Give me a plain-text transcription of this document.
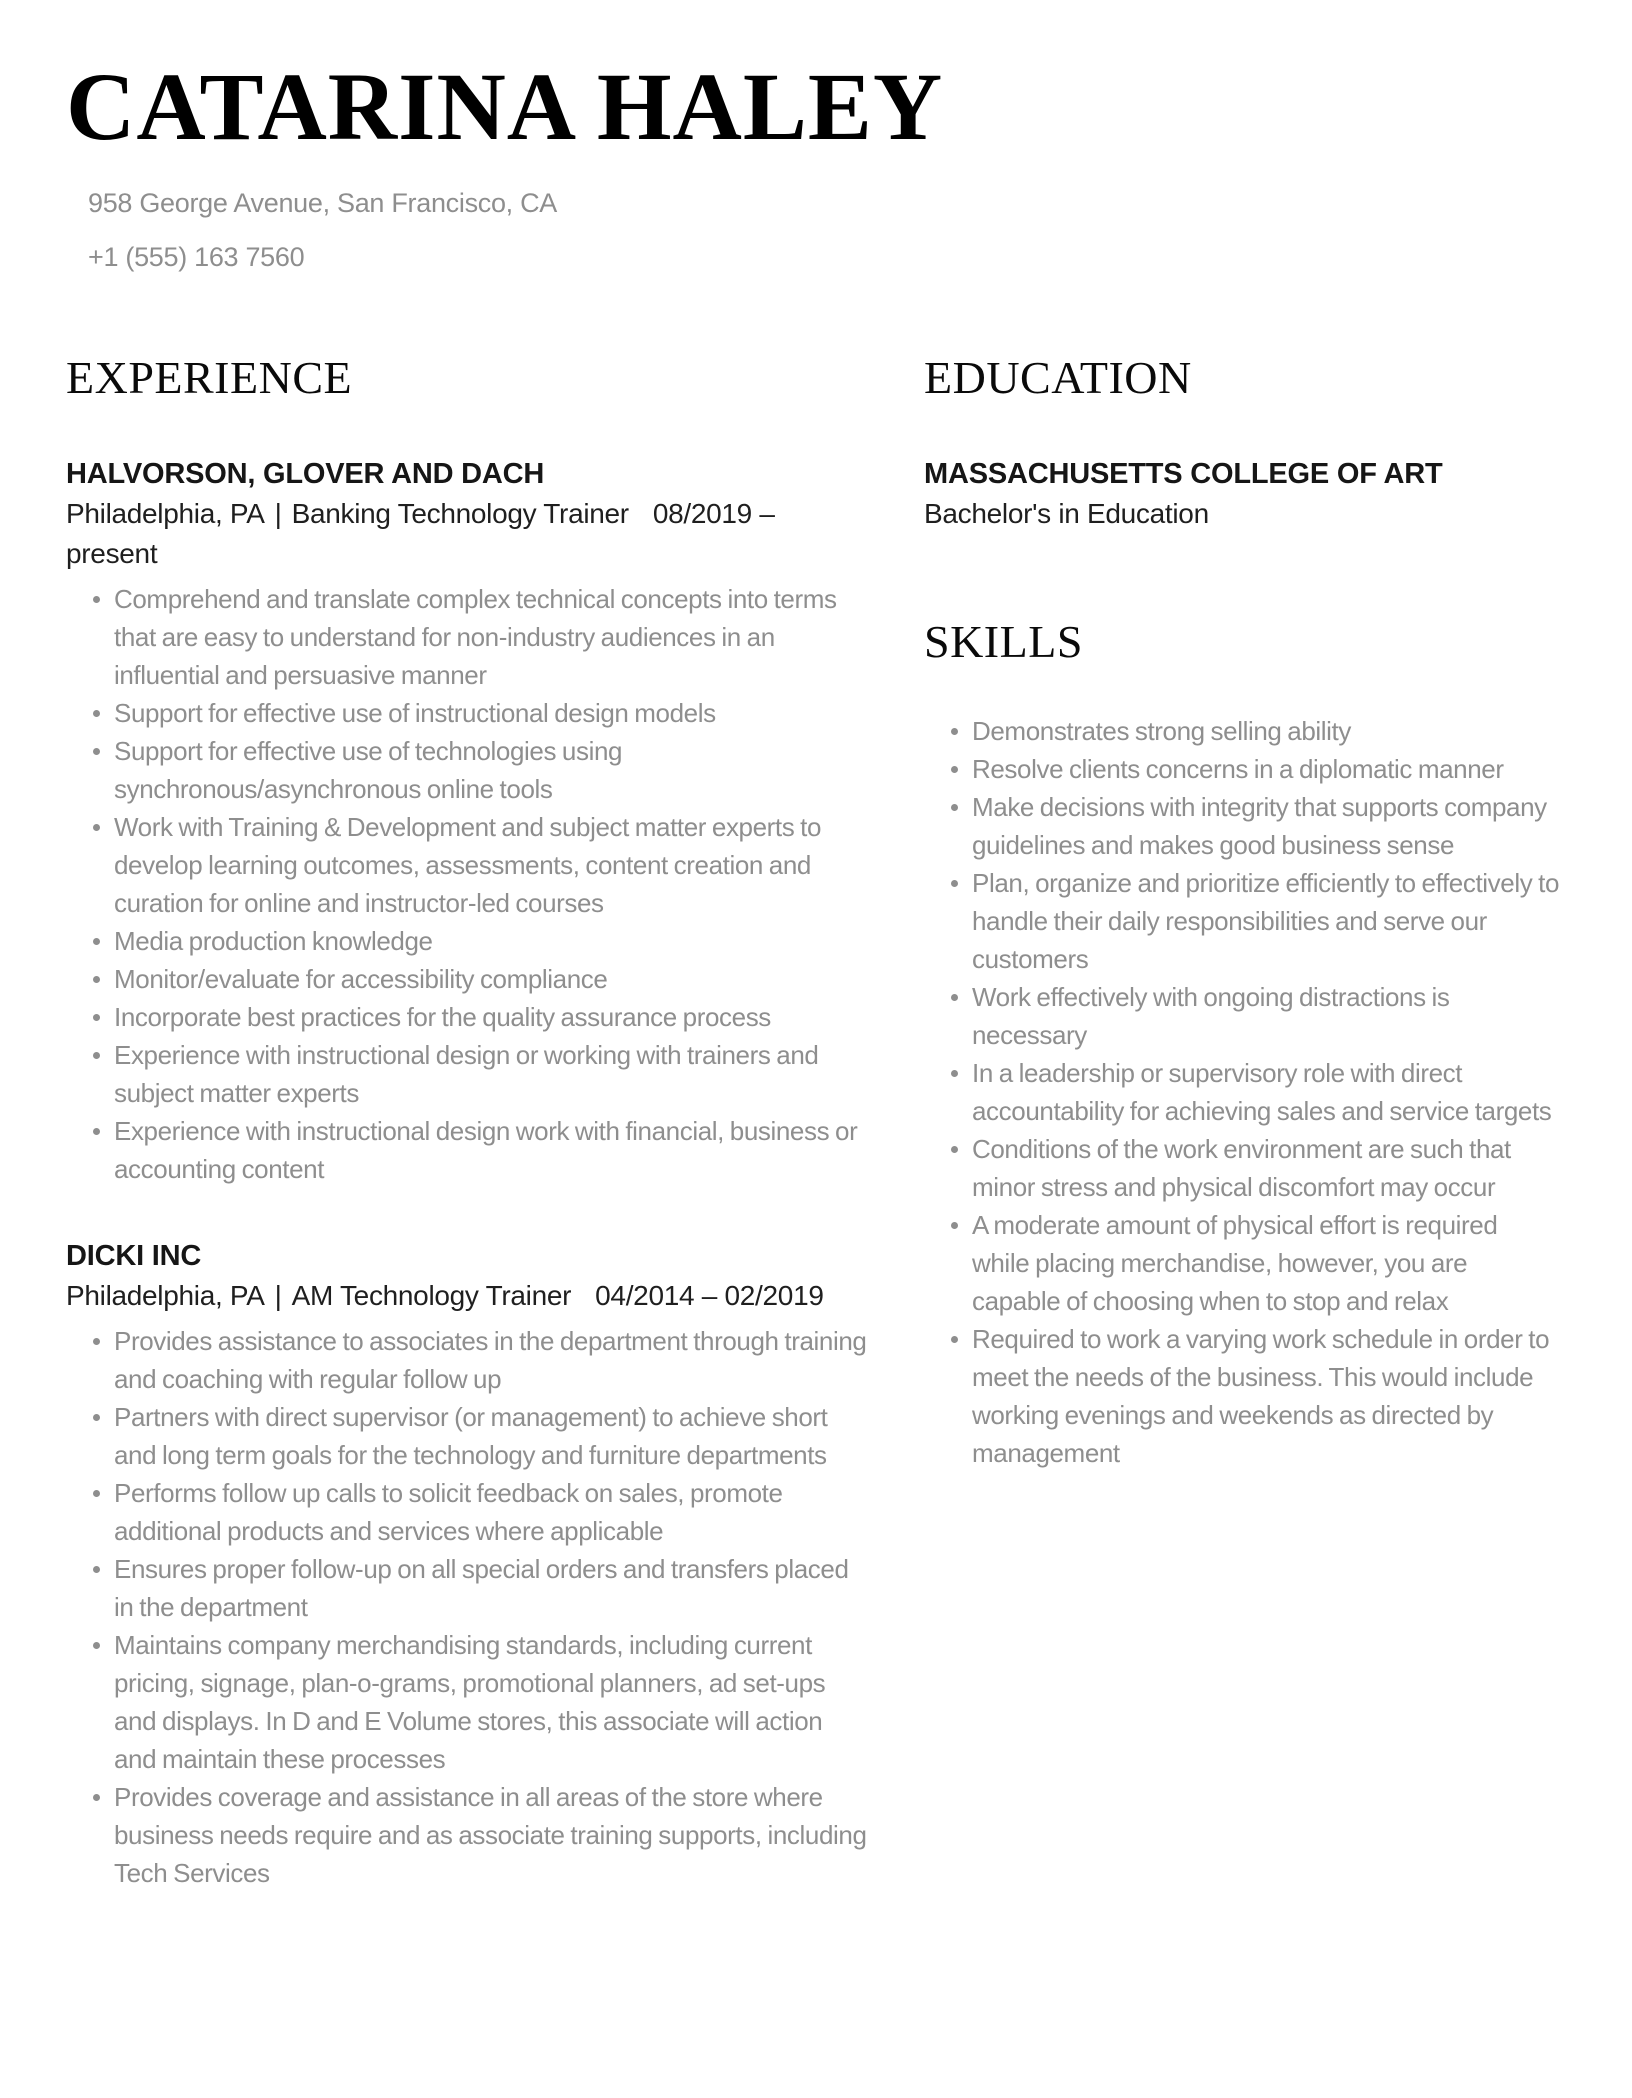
CATARINA HALEY
958 George Avenue, San Francisco, CA
+1 (555) 163 7560
EXPERIENCE
HALVORSON, GLOVER AND DACH
Philadelphia, PA | Banking Technology Trainer 08/2019 – present
Comprehend and translate complex technical concepts into terms that are easy to understand for non-industry audiences in an influential and persuasive manner
Support for effective use of instructional design models
Support for effective use of technologies using synchronous/asynchronous online tools
Work with Training & Development and subject matter experts to develop learning outcomes, assessments, content creation and curation for online and instructor-led courses
Media production knowledge
Monitor/evaluate for accessibility compliance
Incorporate best practices for the quality assurance process
Experience with instructional design or working with trainers and subject matter experts
Experience with instructional design work with financial, business or accounting content
DICKI INC
Philadelphia, PA | AM Technology Trainer 04/2014 – 02/2019
Provides assistance to associates in the department through training and coaching with regular follow up
Partners with direct supervisor (or management) to achieve short and long term goals for the technology and furniture departments
Performs follow up calls to solicit feedback on sales, promote additional products and services where applicable
Ensures proper follow-up on all special orders and transfers placed in the department
Maintains company merchandising standards, including current pricing, signage, plan-o-grams, promotional planners, ad set-ups and displays. In D and E Volume stores, this associate will action and maintain these processes
Provides coverage and assistance in all areas of the store where business needs require and as associate training supports, including Tech Services
EDUCATION
MASSACHUSETTS COLLEGE OF ART
Bachelor's in Education
SKILLS
Demonstrates strong selling ability
Resolve clients concerns in a diplomatic manner
Make decisions with integrity that supports company guidelines and makes good business sense
Plan, organize and prioritize efficiently to effectively to handle their daily responsibilities and serve our customers
Work effectively with ongoing distractions is necessary
In a leadership or supervisory role with direct accountability for achieving sales and service targets
Conditions of the work environment are such that minor stress and physical discomfort may occur
A moderate amount of physical effort is required while placing merchandise, however, you are capable of choosing when to stop and relax
Required to work a varying work schedule in order to meet the needs of the business. This would include working evenings and weekends as directed by management
